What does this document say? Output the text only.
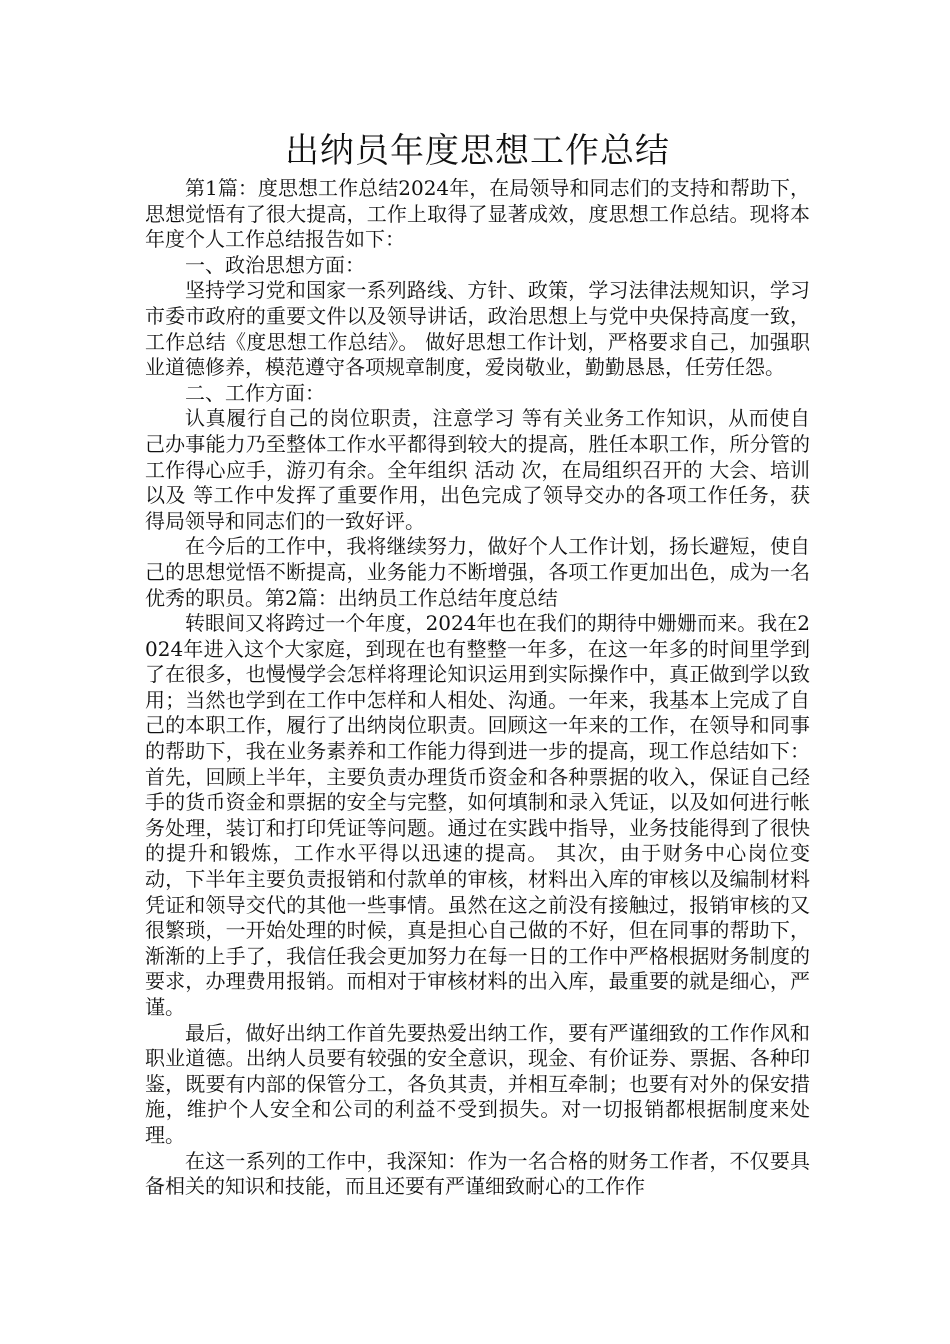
出纳员年度思想工作总结

第1篇：度思想工作总结2024年，在局领导和同志们的支持和帮助下，思想觉悟有了很大提高，工作上取得了显著成效，度思想工作总结。现将本年度个人工作总结报告如下：

一、政治思想方面：

坚持学习党和国家一系列路线、方针、政策，学习法律法规知识，学习市委市政府的重要文件以及领导讲话，政治思想上与党中央保持高度一致，工作总结《度思想工作总结》。 做好思想工作计划，严格要求自己，加强职业道德修养，模范遵守各项规章制度，爱岗敬业，勤勤恳恳，任劳任怨。

二、工作方面：

认真履行自己的岗位职责，注意学习 等有关业务工作知识，从而使自己办事能力乃至整体工作水平都得到较大的提高，胜任本职工作，所分管的工作得心应手，游刃有余。全年组织 活动 次，在局组织召开的 大会、培训以及 等工作中发挥了重要作用，出色完成了领导交办的各项工作任务，获得局领导和同志们的一致好评。

在今后的工作中，我将继续努力，做好个人工作计划，扬长避短，使自己的思想觉悟不断提高，业务能力不断增强，各项工作更加出色，成为一名优秀的职员。第2篇：出纳员工作总结年度总结

转眼间又将跨过一个年度，2024年也在我们的期待中姗姗而来。我在2024年进入这个大家庭，到现在也有整整一年多，在这一年多的时间里学到了在很多，也慢慢学会怎样将理论知识运用到实际操作中，真正做到学以致用；当然也学到在工作中怎样和人相处、沟通。一年来，我基本上完成了自己的本职工作，履行了出纳岗位职责。回顾这一年来的工作，在领导和同事的帮助下，我在业务素养和工作能力得到进一步的提高，现工作总结如下： 首先，回顾上半年，主要负责办理货币资金和各种票据的收入，保证自己经手的货币资金和票据的安全与完整，如何填制和录入凭证，以及如何进行帐务处理，装订和打印凭证等问题。通过在实践中指导，业务技能得到了很快的提升和锻炼，工作水平得以迅速的提高。 其次，由于财务中心岗位变动，下半年主要负责报销和付款单的审核，材料出入库的审核以及编制材料凭证和领导交代的其他一些事情。虽然在这之前没有接触过，报销审核的又很繁琐，一开始处理的时候，真是担心自己做的不好，但在同事的帮助下，渐渐的上手了，我信任我会更加努力在每一日的工作中严格根据财务制度的要求，办理费用报销。而相对于审核材料的出入库，最重要的就是细心，严谨。

最后，做好出纳工作首先要热爱出纳工作，要有严谨细致的工作作风和职业道德。出纳人员要有较强的安全意识，现金、有价证券、票据、各种印鉴，既要有内部的保管分工，各负其责，并相互牵制；也要有对外的保安措施，维护个人安全和公司的利益不受到损失。对一切报销都根据制度来处理。

在这一系列的工作中，我深知：作为一名合格的财务工作者，不仅要具备相关的知识和技能，而且还要有严谨细致耐心的工作作
